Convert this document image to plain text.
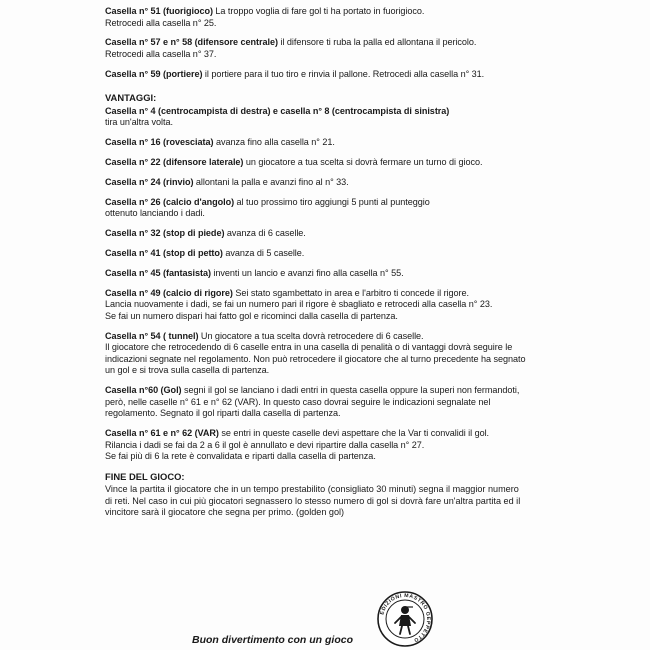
Casella n° 51 (fuorigioco) La troppo voglia di fare gol ti ha portato in fuorigioco.
Retrocedi alla casella n° 25.
Casella n° 57 e n° 58 (difensore centrale) il difensore ti ruba la palla ed allontana il pericolo.
Retrocedi alla casella n° 37.
Casella n° 59 (portiere) il portiere para il tuo tiro e rinvia il pallone. Retrocedi alla casella n° 31.
VANTAGGI:
Casella n° 4 (centrocampista di destra) e casella n° 8 (centrocampista di sinistra)
tira un'altra volta.
Casella n° 16 (rovesciata) avanza fino alla casella n° 21.
Casella n° 22 (difensore laterale) un giocatore a tua scelta si dovrà fermare un turno di gioco.
Casella n° 24 (rinvio) allontani la palla e avanzi fino al n° 33.
Casella n° 26 (calcio d'angolo) al tuo prossimo tiro aggiungi 5 punti al punteggio
ottenuto lanciando i dadi.
Casella n° 32 (stop di piede) avanza di 6 caselle.
Casella n° 41 (stop di petto) avanza di 5 caselle.
Casella n° 45 (fantasista) inventi un lancio e avanzi fino alla casella n° 55.
Casella n° 49 (calcio di rigore) Sei stato sgambettato in area e l'arbitro ti concede il rigore.
Lancia nuovamente i dadi, se fai un numero pari il rigore è sbagliato e retrocedi alla casella n° 23.
Se fai un numero dispari hai fatto gol e ricominci dalla casella di partenza.
Casella n° 54 ( tunnel) Un giocatore a tua scelta dovrà retrocedere di 6 caselle.
Il giocatore che retrocedendo di 6 caselle entra in una casella di penalità o di vantaggi dovrà seguire le
indicazioni segnate nel regolamento. Non può retrocedere il giocatore che al turno precedente ha segnato
un gol e si trova sulla casella di partenza.
Casella n°60 (Gol) segni il gol se lanciano i dadi entri in questa casella oppure la superi non fermandoti,
però, nelle caselle n° 61 e n° 62 (VAR). In questo caso dovrai seguire le indicazioni segnalate nel
regolamento. Segnato il gol riparti dalla casella di partenza.
Casella n° 61 e n° 62 (VAR) se entri in queste caselle devi aspettare che la Var ti convalidi il gol.
Rilancia i dadi se fai da 2 a 6 il gol è annullato e devi ripartire dalla casella n° 27.
Se fai più di 6 la rete è convalidata e riparti dalla casella di partenza.
FINE DEL GIOCO:
Vince la partita il giocatore che in un tempo prestabilito (consigliato 30 minuti) segna il maggior numero
di reti. Nel caso in cui più giocatori segnassero lo stesso numero di gol si dovrà fare un'altra partita ed il
vincitore sarà il giocatore che segna per primo. (golden gol)
Buon divertimento con un gioco
EDIZIONI MASTRO GEPPETTO
